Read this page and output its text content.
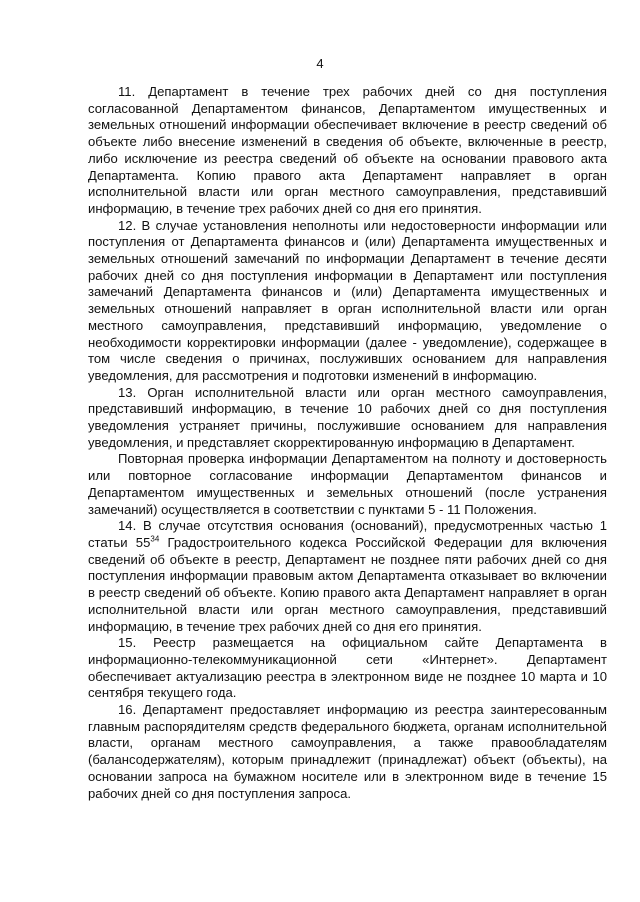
4

11. Департамент в течение трех рабочих дней со дня поступления согласованной Департаментом финансов, Департаментом имущественных и земельных отношений информации обеспечивает включение в реестр сведений об объекте либо внесение изменений в сведения об объекте, включенные в реестр, либо исключение из реестра сведений об объекте на основании правового акта Департамента. Копию правого акта Департамент направляет в орган исполнительной власти или орган местного самоуправления, представивший информацию, в течение трех рабочих дней со дня его принятия.

12. В случае установления неполноты или недостоверности информации или поступления от Департамента финансов и (или) Департамента имущественных и земельных отношений замечаний по информации Департамент в течение десяти рабочих дней со дня поступления информации в Департамент или поступления замечаний Департамента финансов и (или) Департамента имущественных и земельных отношений направляет в орган исполнительной власти или орган местного самоуправления, представивший информацию, уведомление о необходимости корректировки информации (далее - уведомление), содержащее в том числе сведения о причинах, послуживших основанием для направления уведомления, для рассмотрения и подготовки изменений в информацию.

13. Орган исполнительной власти или орган местного самоуправления, представивший информацию, в течение 10 рабочих дней со дня поступления уведомления устраняет причины, послужившие основанием для направления уведомления, и представляет скорректированную информацию в Департамент.

Повторная проверка информации Департаментом на полноту и достоверность или повторное согласование информации Департаментом финансов и Департаментом имущественных и земельных отношений (после устранения замечаний) осуществляется в соответствии с пунктами 5 - 11 Положения.

14. В случае отсутствия основания (оснований), предусмотренных частью 1 статьи $55^{34}$ Градостроительного кодекса Российской Федерации для включения сведений об объекте в реестр, Департамент не позднее пяти рабочих дней со дня поступления информации правовым актом Департамента отказывает во включении в реестр сведений об объекте. Копию правого акта Департамент направляет в орган исполнительной власти или орган местного самоуправления, представивший информацию, в течение трех рабочих дней со дня его принятия.

15. Реестр размещается на официальном сайте Департамента в информационно-телекоммуникационной сети «Интернет». Департамент обеспечивает актуализацию реестра в электронном виде не позднее 10 марта и 10 сентября текущего года.

16. Департамент предоставляет информацию из реестра заинтересованным главным распорядителям средств федерального бюджета, органам исполнительной власти, органам местного самоуправления, а также правообладателям (балансодержателям), которым принадлежит (принадлежат) объект (объекты), на основании запроса на бумажном носителе или в электронном виде в течение 15 рабочих дней со дня поступления запроса.
